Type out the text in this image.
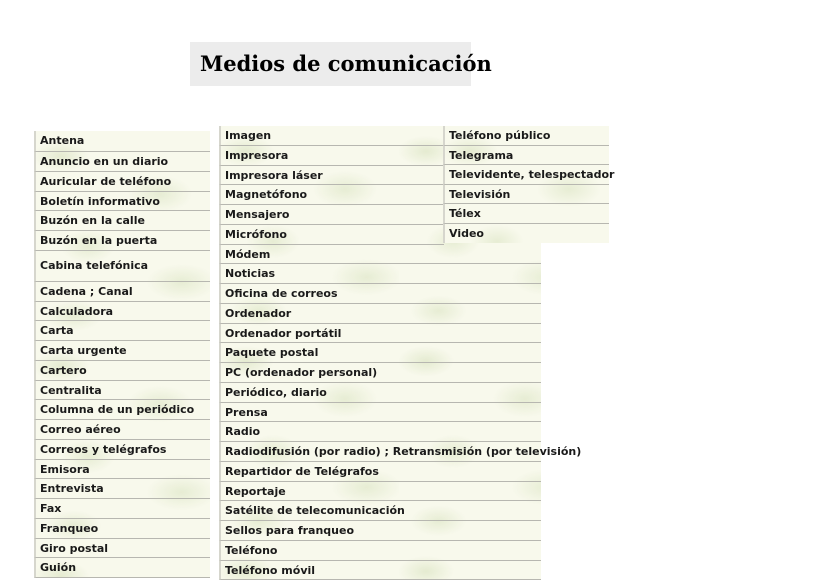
Medios de comunicación
Antena
Anuncio en un diario
Auricular de teléfono
Boletín informativo
Buzón en la calle
Buzón en la puerta
Cabina telefónica
Cadena ; Canal
Calculadora
Carta
Carta urgente
Cartero
Centralita
Columna de un periódico
Correo aéreo
Correos y telégrafos
Emisora
Entrevista
Fax
Franqueo
Giro postal
Guión
Imagen
Impresora
Impresora láser
Magnetófono
Mensajero
Micrófono
Módem
Noticias
Oficina de correos
Ordenador
Ordenador portátil
Paquete postal
PC (ordenador personal)
Periódico, diario
Prensa
Radio
Radiodifusión (por radio) ; Retransmisión (por televisión)
Repartidor de Telégrafos
Reportaje
Satélite de telecomunicación
Sellos para franqueo
Teléfono
Teléfono móvil
Teléfono público
Telegrama
Televidente, telespectador
Televisión
Télex
Video
